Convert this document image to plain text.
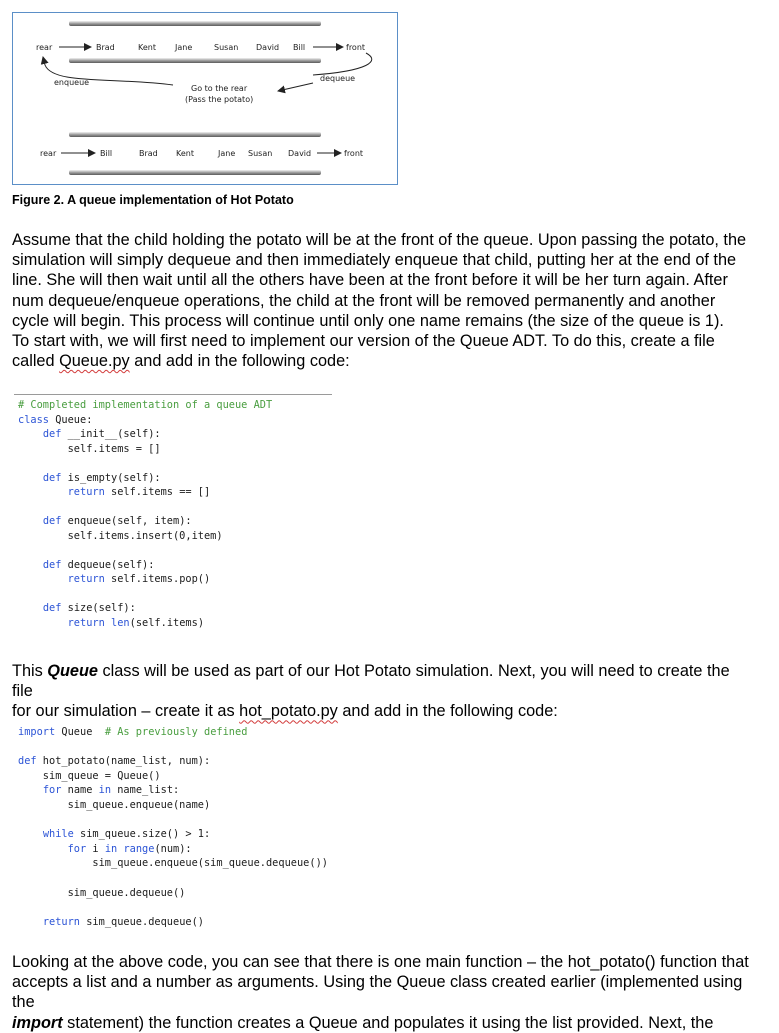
rear	Brad	Kent Jane	Susan David Bill	front
dequeue
Go to the rear
(Pass the potato)
enqueue
rear	Bill	Brad Kent	Jane Susan David	front
Figure 2. A queue implementation of Hot Potato

Assume that the child holding the potato will be at the front of the queue. Upon passing the potato, the

simulation will simply dequeue and then immediately enqueue that child, putting her at the end of the

line. She will then wait until all the others have been at the front before it will be her turn again. After

num dequeue/enqueue operations, the child at the front will be removed permanently and another

cycle will begin. This process will continue until only one name remains (the size of the queue is 1).

To start with, we will first need to implement our version of the Queue ADT. To do this, create a file

called Queue.py and add in the following code:

# Completed implementation of a queue ADT
class Queue:
def __init__(self):
self.items = []
def is_empty(self):
return self.items == []
def enqueue(self, item):
self.items.insert(0,item)
def dequeue(self):
return self.items.pop()
def size(self):
return len(self.items)

This Queue class will be used as part of our Hot Potato simulation. Next, you will need to create the file

for our simulation – create it as hot_potato.py and add in the following code:

import Queue  # As previously defined
def hot_potato(name_list, num):
sim_queue = Queue()
for name in name_list:
sim_queue.enqueue(name)
while sim_queue.size() > 1:
for i in range(num):
sim_queue.enqueue(sim_queue.dequeue())
sim_queue.dequeue()
return sim_queue.dequeue()

Looking at the above code, you can see that there is one main function – the hot_potato() function that

accepts a list and a number as arguments. Using the Queue class created earlier (implemented using the

import statement) the function creates a Queue and populates it using the list provided. Next, the
